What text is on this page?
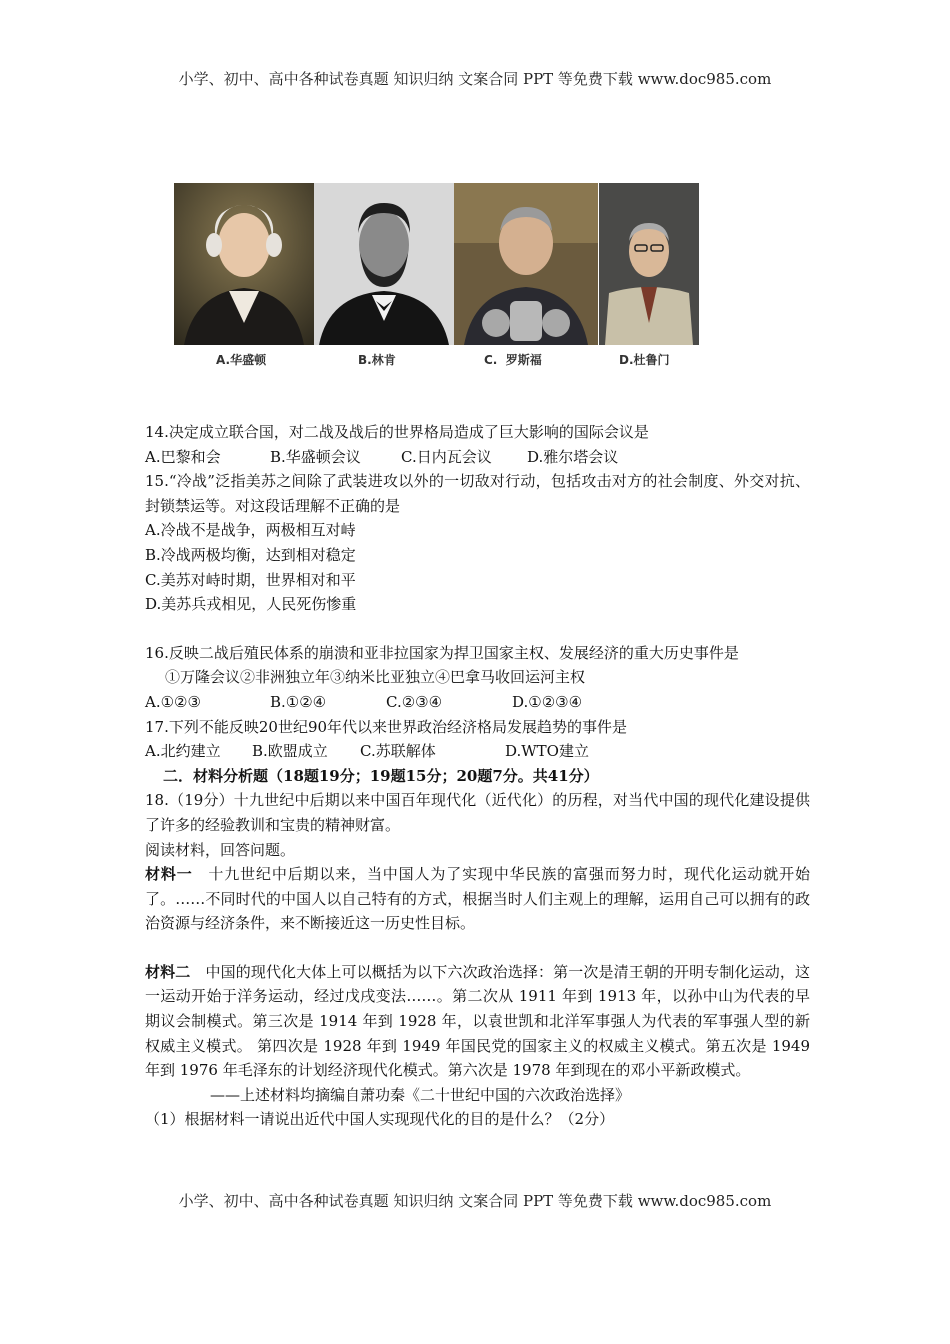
小学、初中、高中各种试卷真题 知识归纳 文案合同 PPT 等免费下载 www.doc985.com
A.华盛顿	B.林肯	C.  罗斯福	D.杜鲁门
14.决定成立联合国，对二战及战后的世界格局造成了巨大影响的国际会议是
A.巴黎和会	B.华盛顿会议	C.日内瓦会议 D.雅尔塔会议
15.“冷战”泛指美苏之间除了武装进攻以外的一切敌对行动，包括攻击对方的社会制度、外交对抗、封锁禁运等。对这段话理解不正确的是
A.冷战不是战争，两极相互对峙
B.冷战两极均衡，达到相对稳定
C.美苏对峙时期，世界相对和平
D.美苏兵戎相见，人民死伤惨重
16.反映二战后殖民体系的崩溃和亚非拉国家为捍卫国家主权、发展经济的重大历史事件是
①万隆会议②非洲独立年③纳米比亚独立④巴拿马收回运河主权
A.①②③	B.①②④	C.②③④	D.①②③④
17.下列不能反映20世纪90年代以来世界政治经济格局发展趋势的事件是
A.北约建立 B.欧盟成立 C.苏联解体	D.WTO建立
二．材料分析题（18题19分；19题15分；20题7分。共41分）
18.（19分）十九世纪中后期以来中国百年现代化（近代化）的历程，对当代中国的现代化建设提供了许多的经验教训和宝贵的精神财富。
阅读材料，回答问题。
材料一　十九世纪中后期以来，当中国人为了实现中华民族的富强而努力时，现代化运动就开始了。……不同时代的中国人以自己特有的方式，根据当时人们主观上的理解，运用自己可以拥有的政治资源与经济条件，来不断接近这一历史性目标。
材料二　中国的现代化大体上可以概括为以下六次政治选择：第一次是清王朝的开明专制化运动，这一运动开始于洋务运动，经过戊戌变法……。第二次从 1911 年到 1913 年，以孙中山为代表的早期议会制模式。第三次是 1914 年到 1928 年，以袁世凯和北洋军事强人为代表的军事强人型的新权威主义模式。 第四次是 1928 年到 1949 年国民党的国家主义的权威主义模式。第五次是 1949 年到 1976 年毛泽东的计划经济现代化模式。第六次是 1978 年到现在的邓小平新政模式。
——上述材料均摘编自萧功秦《二十世纪中国的六次政治选择》
（1）根据材料一请说出近代中国人实现现代化的目的是什么？（2分）
小学、初中、高中各种试卷真题 知识归纳 文案合同 PPT 等免费下载 www.doc985.com
